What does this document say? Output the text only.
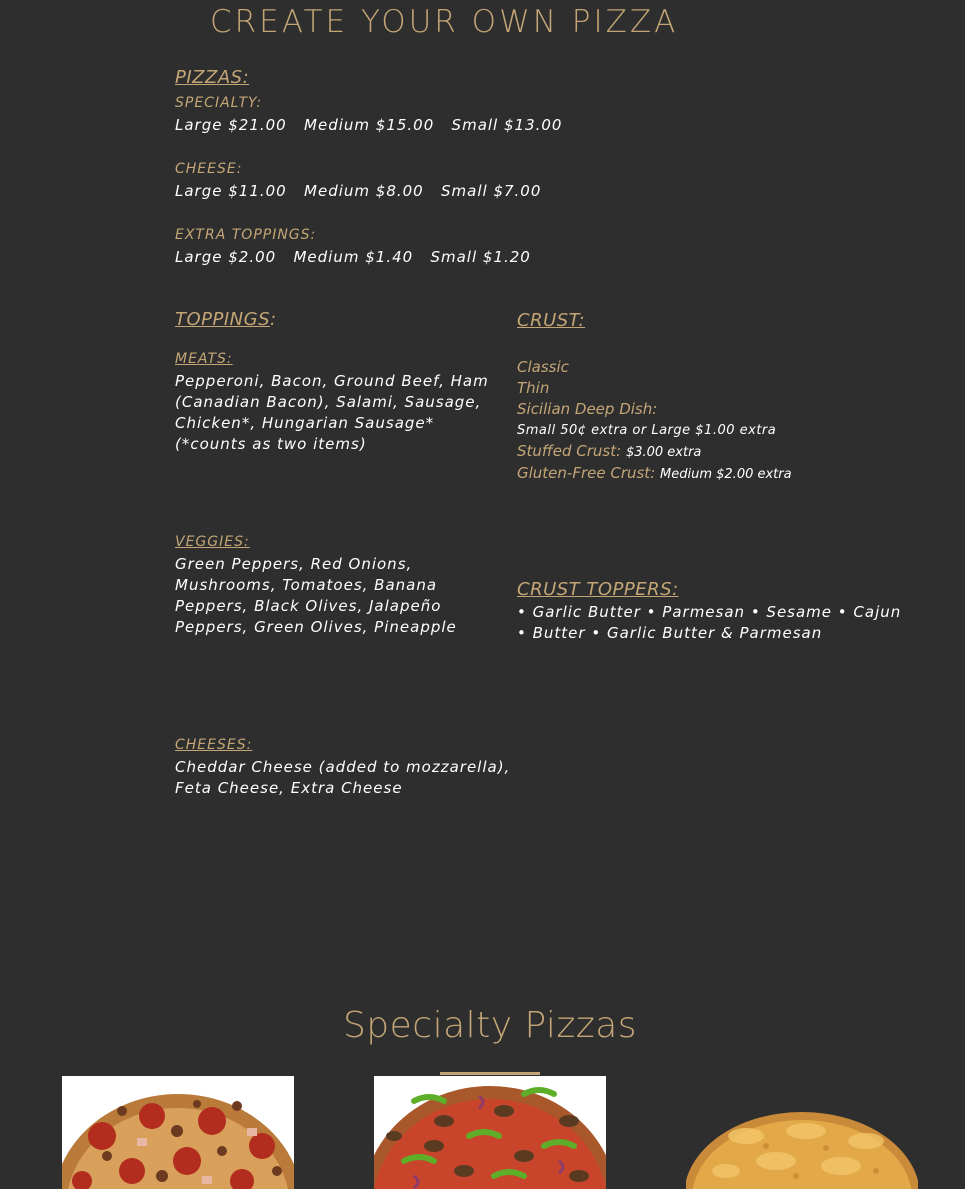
CREATE YOUR OWN PIZZA
PIZZAS:
SPECIALTY:
Large $21.00   Medium $15.00   Small $13.00
CHEESE:
Large $11.00   Medium $8.00   Small $7.00
EXTRA TOPPINGS:
Large $2.00   Medium $1.40   Small $1.20
TOPPINGS:
MEATS:
Pepperoni, Bacon, Ground Beef, Ham
(Canadian Bacon), Salami, Sausage,
Chicken*, Hungarian Sausage*
(*counts as two items)
VEGGIES:
Green Peppers, Red Onions,
Mushrooms, Tomatoes, Banana
Peppers, Black Olives, Jalapeño
Peppers, Green Olives, Pineapple
CHEESES:
Cheddar Cheese (added to mozzarella),
Feta Cheese, Extra Cheese
CRUST:
Classic
Thin
Sicilian Deep Dish:
Small 50¢ extra or Large $1.00 extra
Stuffed Crust: $3.00 extra
Gluten-Free Crust: Medium $2.00 extra
CRUST TOPPERS:
• Garlic Butter • Parmesan • Sesame • Cajun
• Butter • Garlic Butter & Parmesan
Specialty Pizzas
